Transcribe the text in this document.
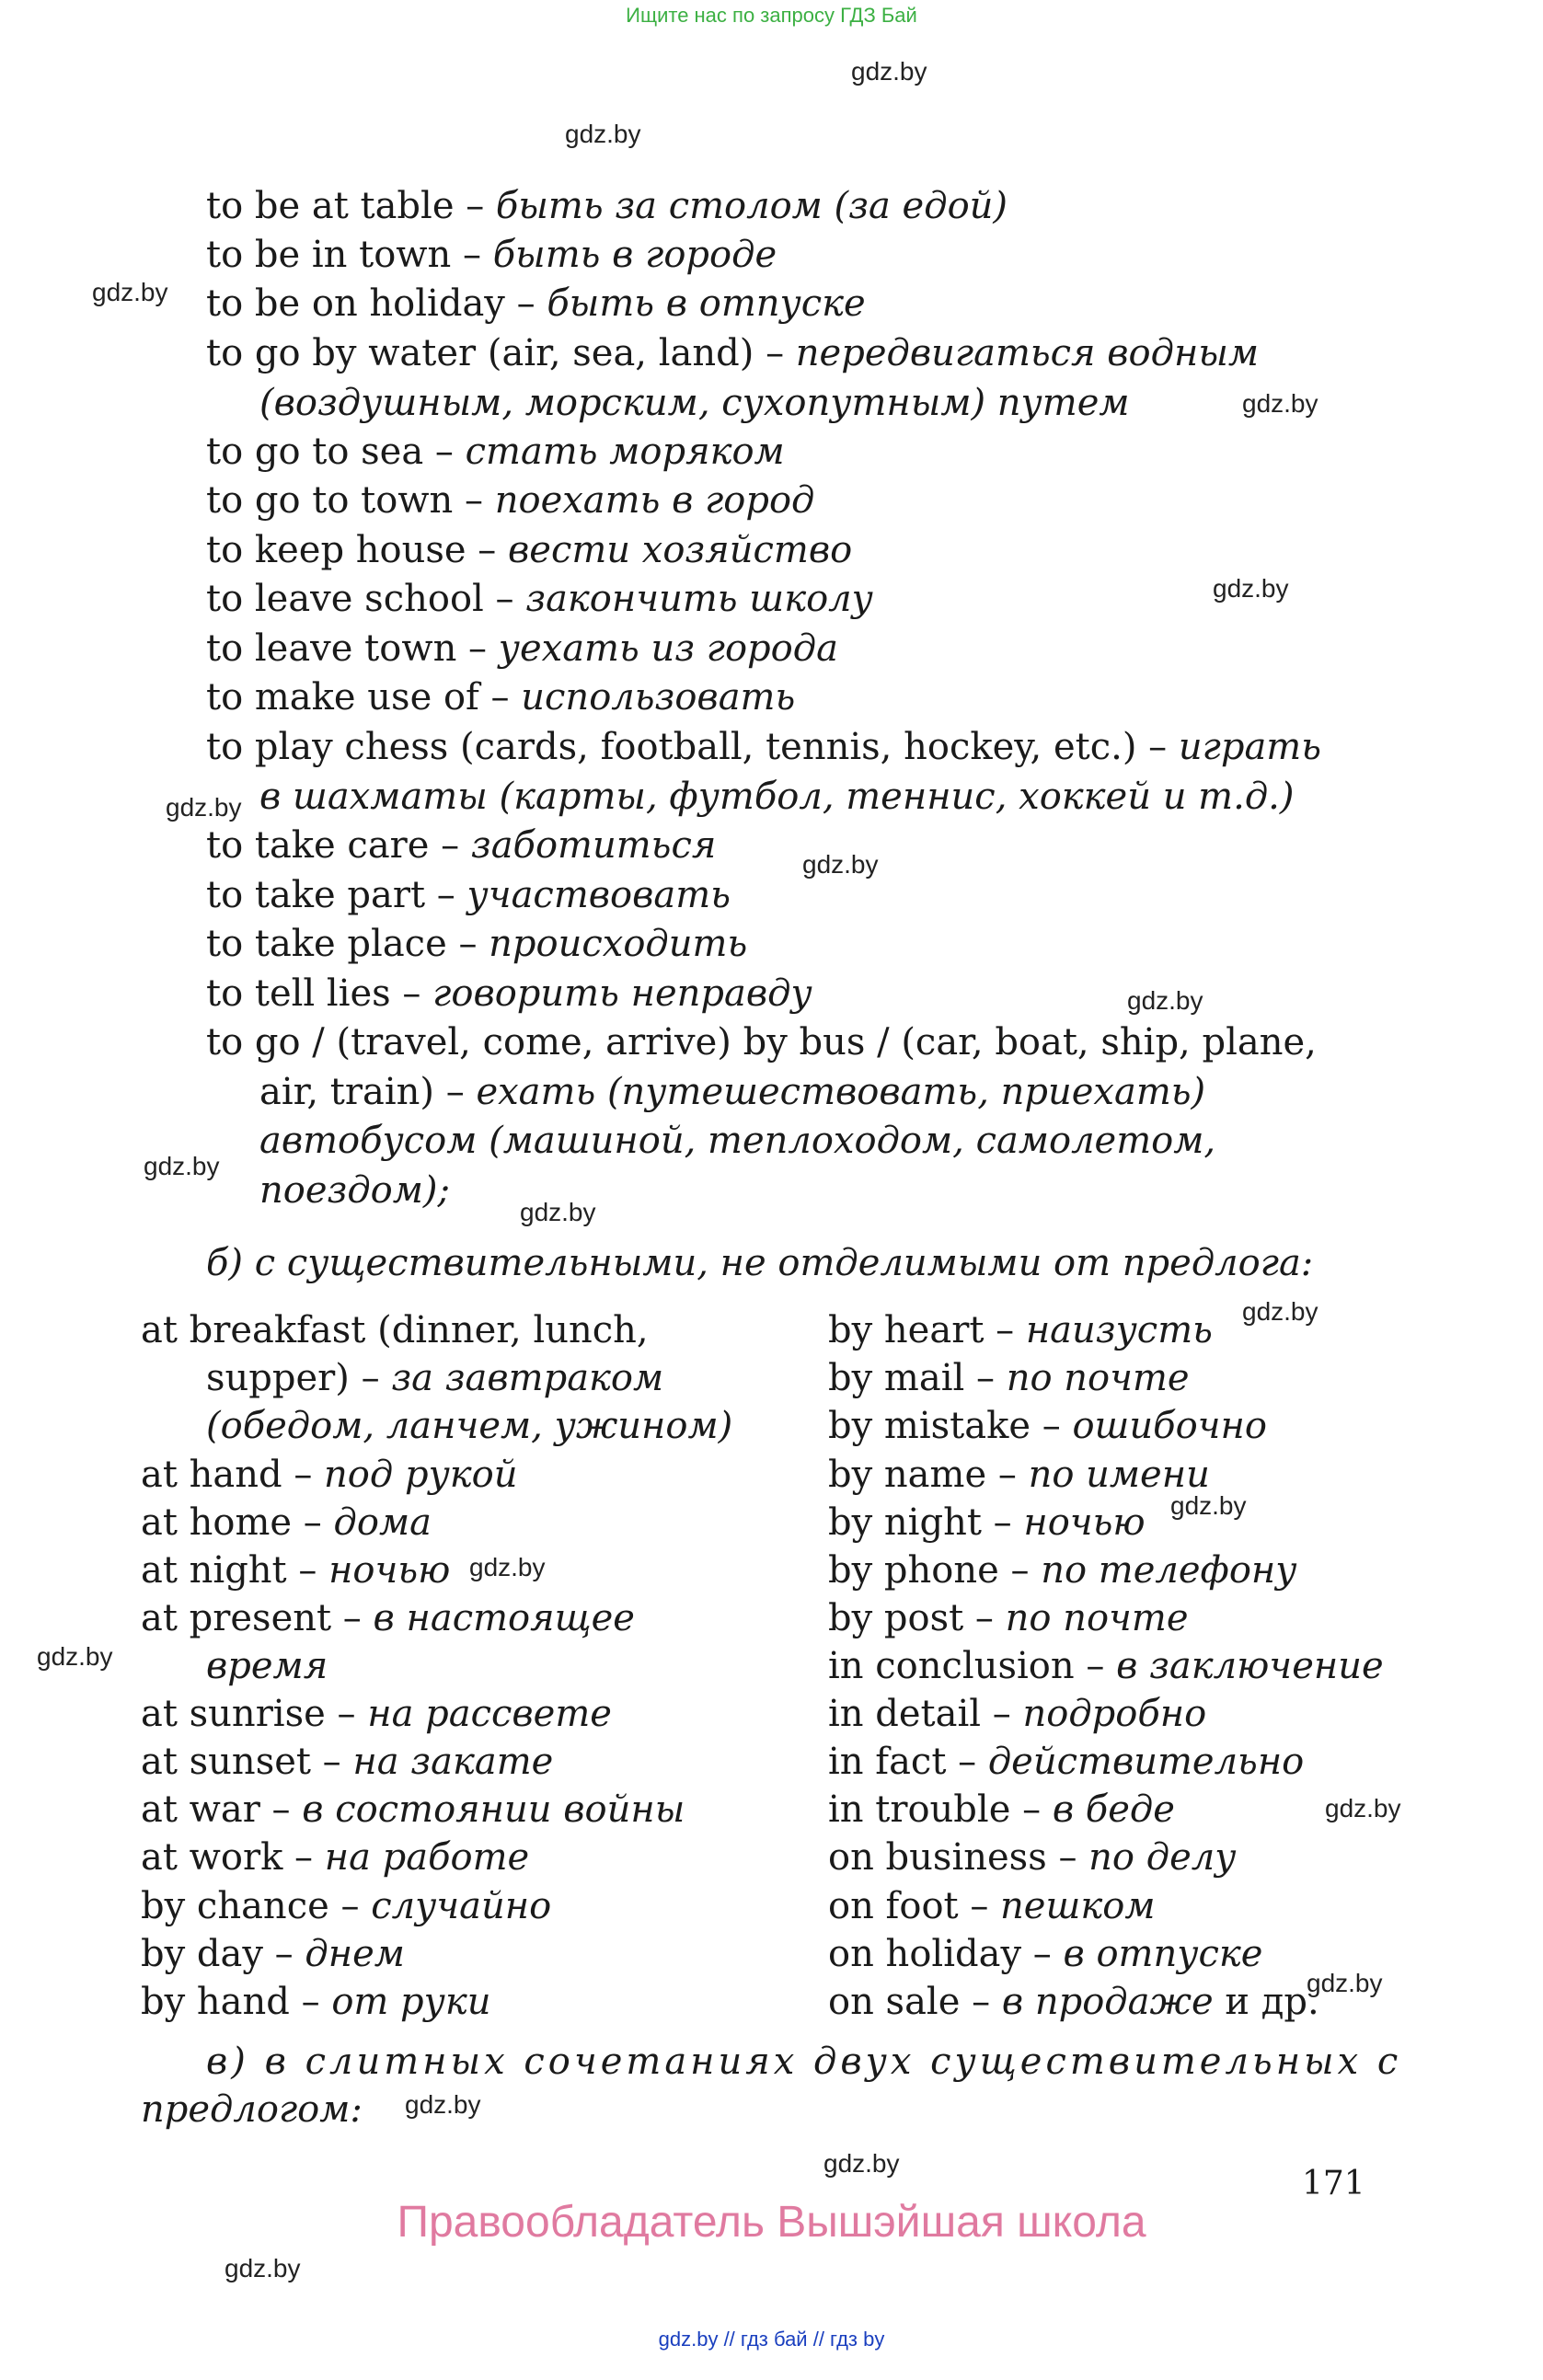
Ищите нас по запросу ГДЗ Бай
gdz.by
gdz.by
gdz.by
gdz.by
gdz.by
gdz.by
gdz.by
gdz.by
gdz.by
gdz.by
gdz.by
gdz.by
gdz.by
gdz.by
gdz.by
gdz.by
gdz.by
gdz.by
gdz.by
to be at table – быть за столом (за едой)
to be in town – быть в городе
to be on holiday – быть в отпуске
to go by water (air, sea, land) – передвигаться водным
(воздушным, морским, сухопутным) путем
to go to sea – стать моряком
to go to town – поехать в город
to keep house – вести хозяйство
to leave school – закончить школу
to leave town – уехать из города
to make use of – использовать
to play chess (cards, football, tennis, hockey, etc.) – играть
в шахматы (карты, футбол, теннис, хоккей и т.д.)
to take care – заботиться
to take part – участвовать
to take place – происходить
to tell lies – говорить неправду
to go / (travel, come, arrive) by bus / (car, boat, ship, plane,
air, train) – ехать (путешествовать, приехать)
автобусом (машиной, теплоходом, самолетом,
поездом);
б) с существительными, не отделимыми от предлога:
at breakfast (dinner, lunch,
supper) – за завтраком
(обедом, ланчем, ужином)
at hand – под рукой
at home – дома
at night – ночью
at present – в настоящее
время
at sunrise – на рассвете
at sunset – на закате
at war – в состоянии войны
at work – на работе
by chance – случайно
by day – днем
by hand – от руки
by heart – наизусть
by mail – по почте
by mistake – ошибочно
by name – по имени
by night – ночью
by phone – по телефону
by post – по почте
in conclusion – в заключение
in detail – подробно
in fact – действительно
in trouble – в беде
on business – по делу
on foot – пешком
on holiday – в отпуске
on sale – в продаже и др.
в) в слитных сочетаниях двух существительных с
предлогом:
171
Правообладатель Вышэйшая школа
gdz.by // гдз бай // гдз by
